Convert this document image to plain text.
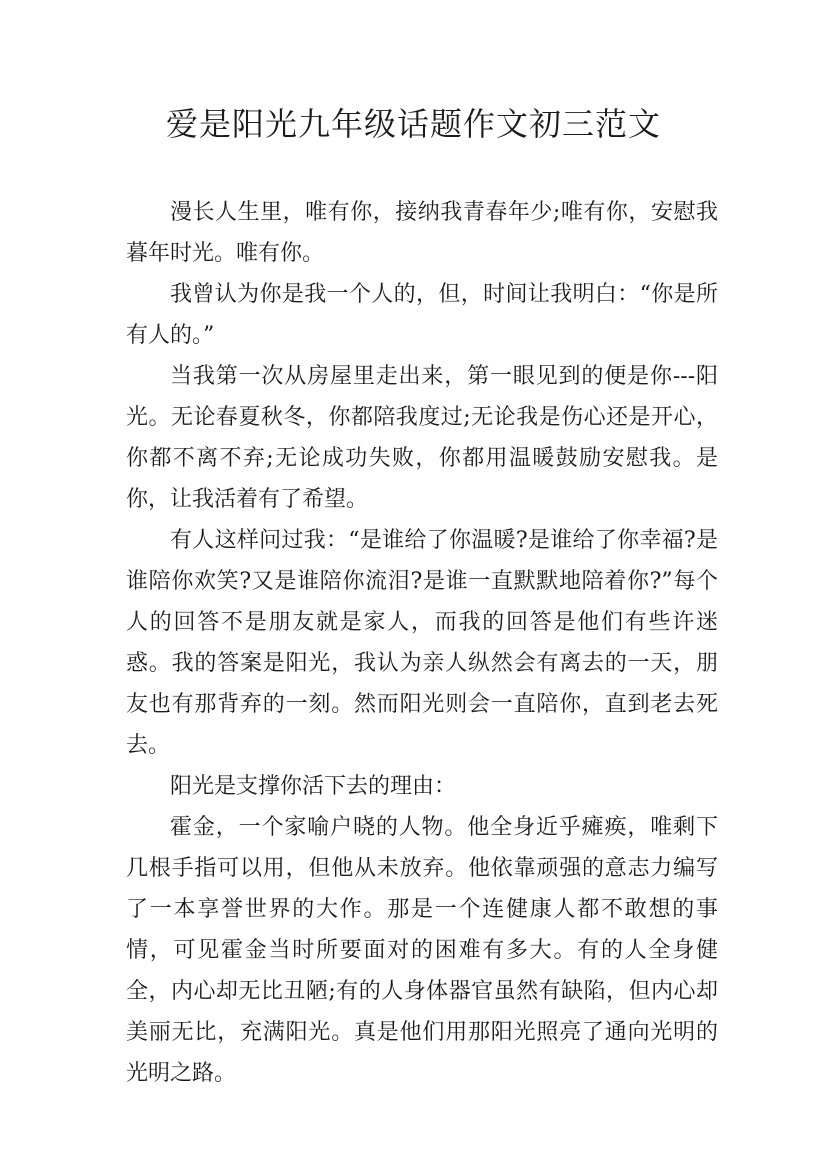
爱是阳光九年级话题作文初三范文

漫长人生里，唯有你，接纳我青春年少;唯有你，安慰我暮年时光。唯有你。

我曾认为你是我一个人的，但，时间让我明白：“你是所有人的。”

当我第一次从房屋里走出来，第一眼见到的便是你---阳光。无论春夏秋冬，你都陪我度过;无论我是伤心还是开心，你都不离不弃;无论成功失败，你都用温暖鼓励安慰我。是你，让我活着有了希望。

有人这样问过我：“是谁给了你温暖?是谁给了你幸福?是谁陪你欢笑?又是谁陪你流泪?是谁一直默默地陪着你?”每个人的回答不是朋友就是家人，而我的回答是他们有些许迷惑。我的答案是阳光，我认为亲人纵然会有离去的一天，朋友也有那背弃的一刻。然而阳光则会一直陪你，直到老去死去。

阳光是支撑你活下去的理由：

霍金，一个家喻户晓的人物。他全身近乎瘫痪，唯剩下几根手指可以用，但他从未放弃。他依靠顽强的意志力编写了一本享誉世界的大作。那是一个连健康人都不敢想的事情，可见霍金当时所要面对的困难有多大。有的人全身健全，内心却无比丑陋;有的人身体器官虽然有缺陷，但内心却美丽无比，充满阳光。真是他们用那阳光照亮了通向光明的光明之路。
